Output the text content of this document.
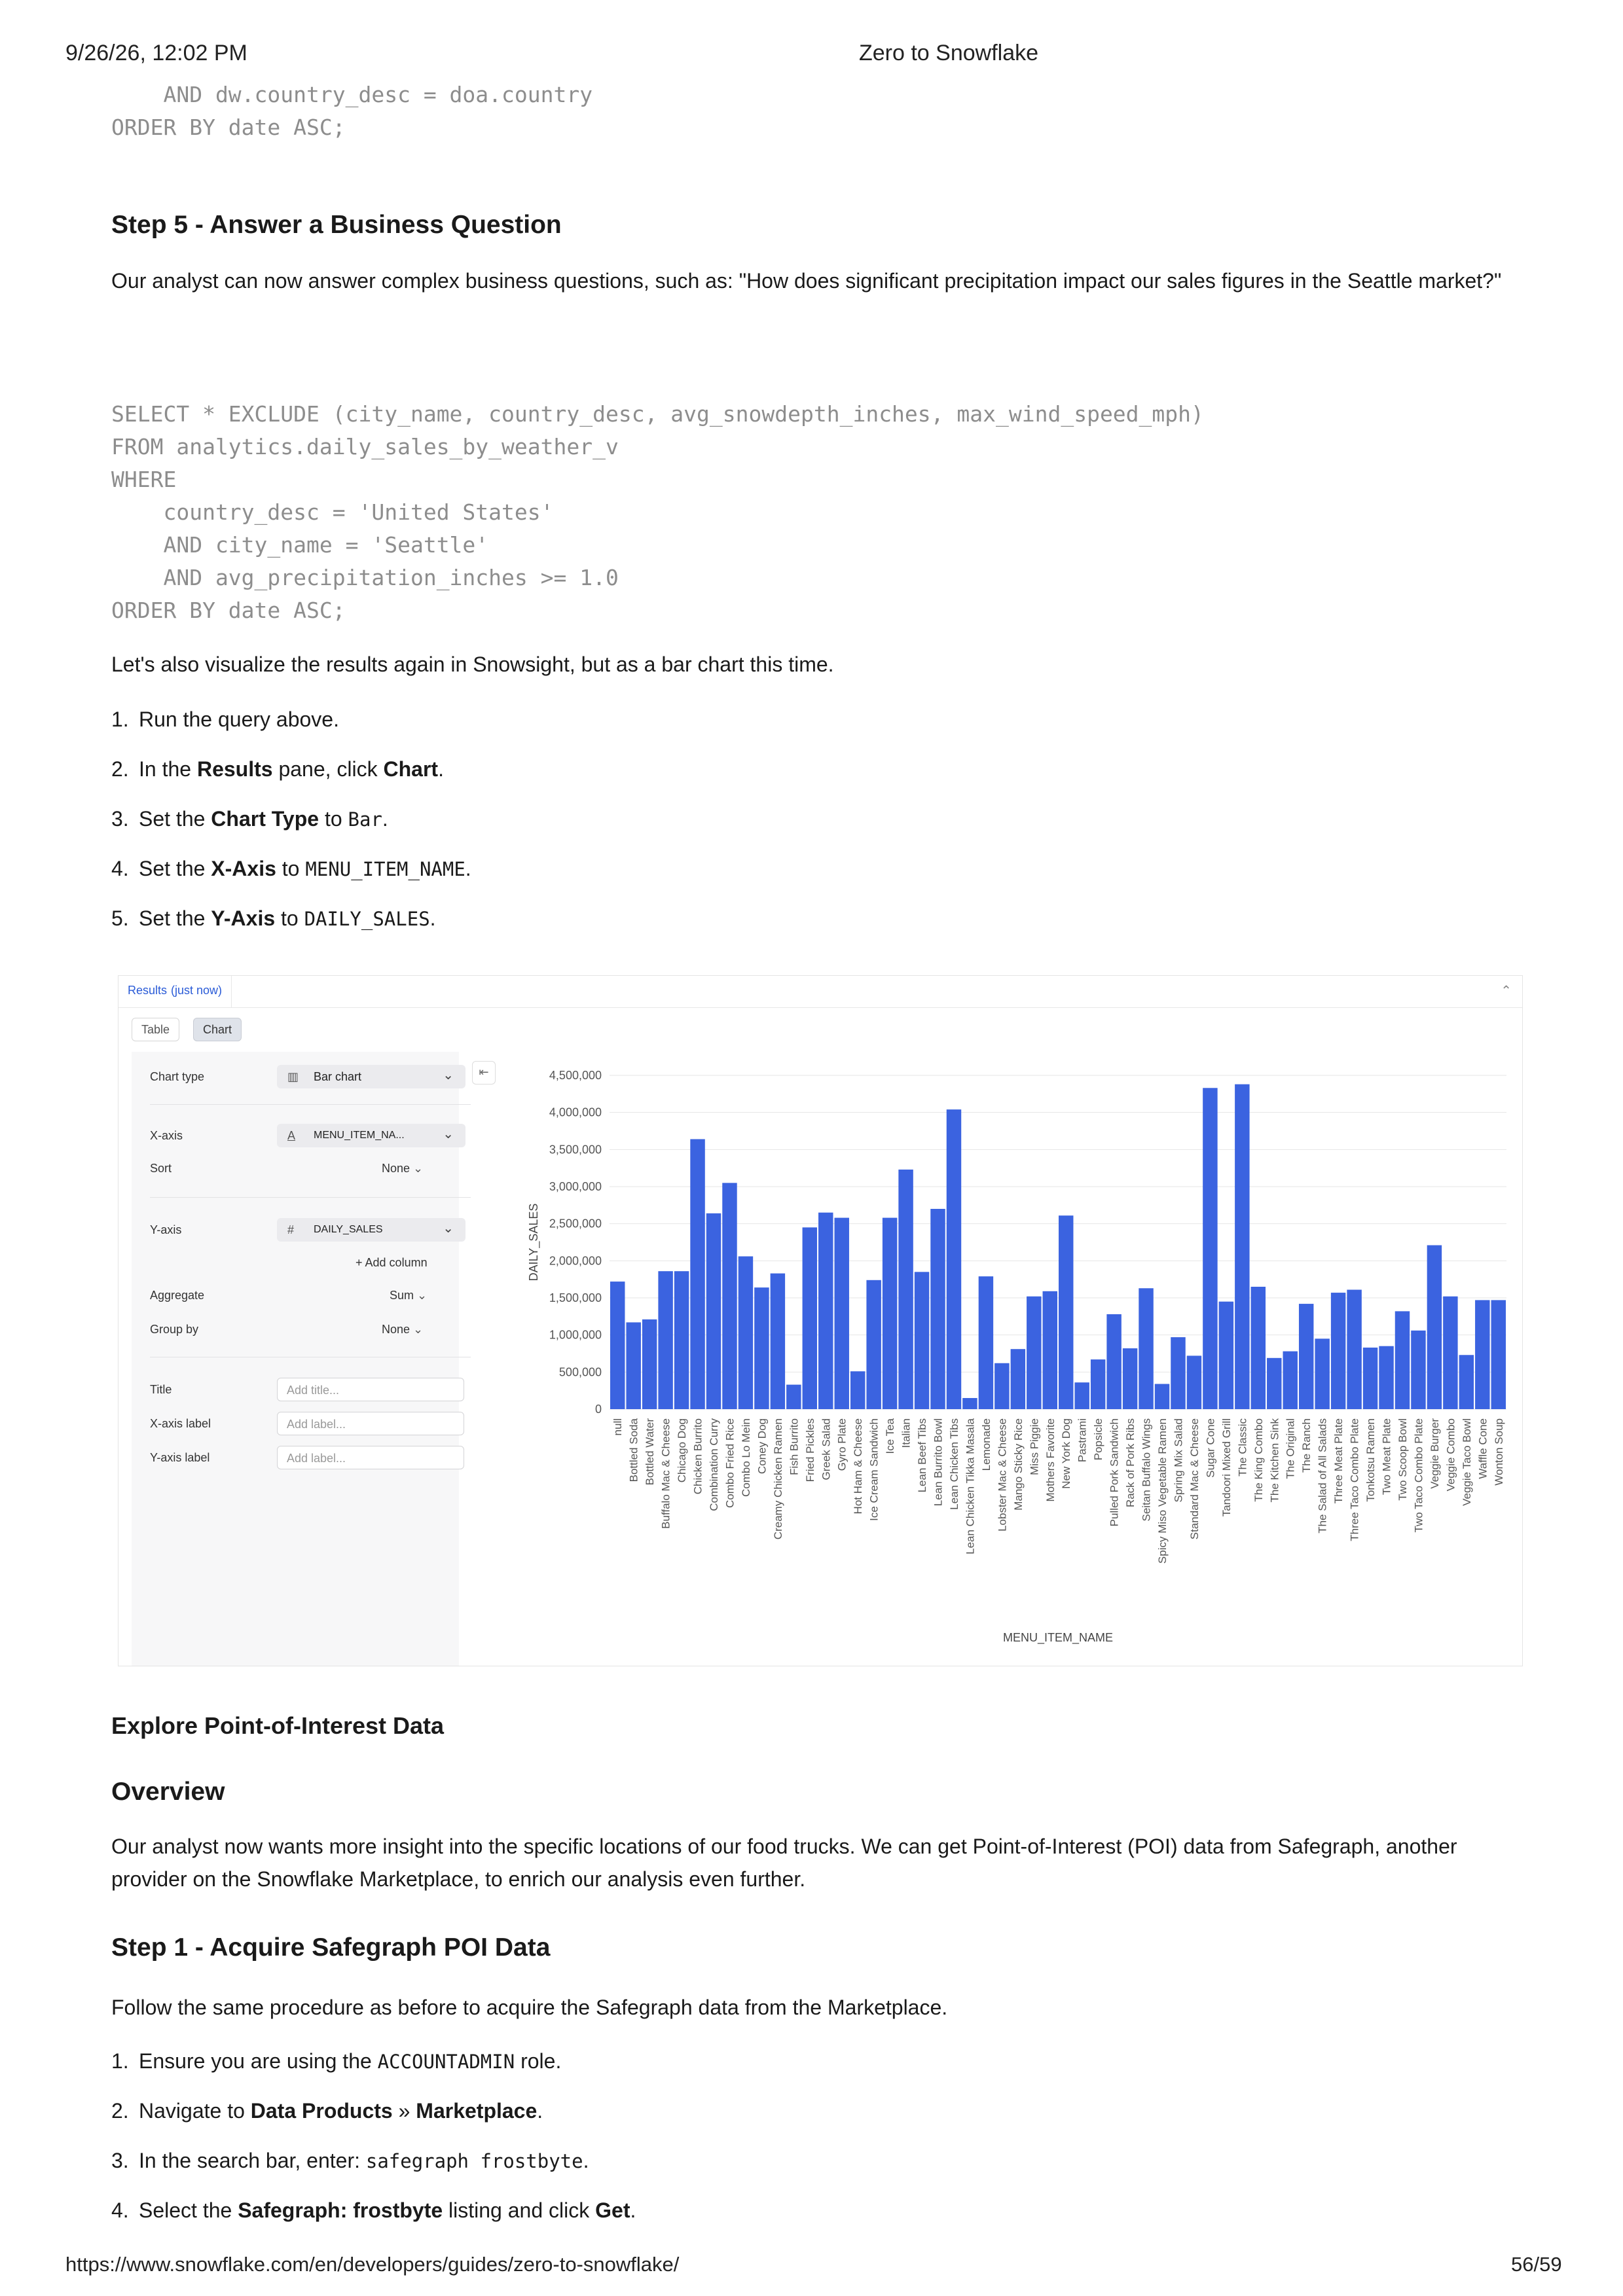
9/26/26, 12:02 PM	Zero to Snowflake
AND dw.country_desc = doa.country
ORDER BY date ASC;
Step 5 - Answer a Business Question
Our analyst can now answer complex business questions, such as: "How does significant precipitation impact our sales figures in the Seattle market?"

SELECT * EXCLUDE (city_name, country_desc, avg_snowdepth_inches, max_wind_speed_mph)
FROM analytics.daily_sales_by_weather_v
WHERE
country_desc = 'United States'
AND city_name = 'Seattle'
AND avg_precipitation_inches >= 1.0
ORDER BY date ASC;

Let's also visualize the results again in Snowsight, but as a bar chart this time.
1. Run the query above.
2. In the Results pane, click Chart.
3. Set the Chart Type to Bar.
4. Set the X-Axis to MENU_ITEM_NAME.
5. Set the Y-Axis to DAILY_SALES.
Results (just now)	⌃
Table	Chart
Chart type	▥ Bar chart	⌄
X-axis	A MENU_ITEM_NA...	⌄
Sort	None ⌄
Y-axis	# DAILY_SALES	⌄
+ Add column
Aggregate	Sum ⌄
Group by	None ⌄
Title	Add title...
X-axis label	Add label...
Y-axis label	Add label...
⇤
0
500,000
1,000,000
1,500,000
2,000,000
2,500,000
3,000,000
3,500,000
4,000,000
4,500,000
DAILY_SALES
null Bottled Soda Bottled Water Buffalo Mac & Cheese Chicago Dog Chicken Burrito Combination Curry Combo Fried Rice Combo Lo Mein Coney Dog Creamy Chicken Ramen Fish Burrito Fried Pickles Greek Salad Gyro Plate Hot Ham & Cheese Ice Cream Sandwich Ice Tea Italian Lean Beef Tibs Lean Burrito Bowl Lean Chicken Tibs Lean Chicken Tikka Masala Lemonade Lobster Mac & Cheese Mango Sticky Rice Miss Piggie Mothers Favorite New York Dog Pastrami Popsicle Pulled Pork Sandwich Rack of Pork Ribs Seitan Buffalo Wings Spicy Miso Vegetable Ramen Spring Mix Salad Standard Mac & Cheese Sugar Cone Tandoori Mixed Grill The Classic The King Combo The Kitchen Sink The Original The Ranch The Salad of All Salads Three Meat Plate Three Taco Combo Plate Tonkotsu Ramen Two Meat Plate Two Scoop Bowl Two Taco Combo Plate Veggie Burger Veggie Combo Veggie Taco Bowl Waffle Cone Wonton Soup
MENU_ITEM_NAME
Explore Point-of-Interest Data
Overview
Our analyst now wants more insight into the specific locations of our food trucks. We can get Point-of-Interest (POI) data from Safegraph, another provider on the Snowflake Marketplace, to enrich our analysis even further.
Step 1 - Acquire Safegraph POI Data
Follow the same procedure as before to acquire the Safegraph data from the Marketplace.
1. Ensure you are using the ACCOUNTADMIN role.
2. Navigate to Data Products » Marketplace.
3. In the search bar, enter: safegraph frostbyte.
4. Select the Safegraph: frostbyte listing and click Get.
https://www.snowflake.com/en/developers/guides/zero-to-snowflake/	56/59
